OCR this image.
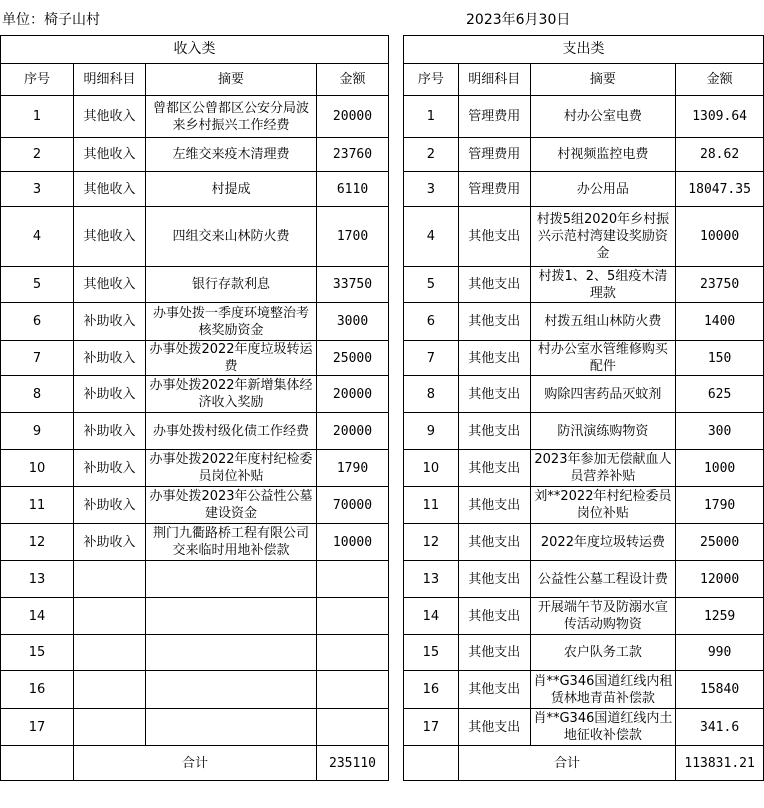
单位：椅子山村	2023年6月30日
收入类			
序号	明细科目	摘要	金额
1	其他收入	曾都区公曾都区公安分局波来乡村振兴工作经费	20000
2	其他收入	左维交来疫木清理费	23760
3	其他收入	村提成	6110
4	其他收入	四组交来山林防火费	1700
5	其他收入	银行存款利息	33750
6	补助收入	办事处拨一季度环境整治考核奖励资金	3000
7	补助收入	办事处拨2022年度垃圾转运费	25000
8	补助收入	办事处拨2022年新增集体经济收入奖励	20000
9	补助收入	办事处拨村级化债工作经费	20000
10	补助收入	办事处拨2022年度村纪检委员岗位补贴	1790
11	补助收入	办事处拨2023年公益性公墓建设资金	70000
12	补助收入	荆门九衢路桥工程有限公司交来临时用地补偿款	10000
13			
14			
15			
16			
17			
	合计		235110
支出类			
序号	明细科目	摘要	金额
1	管理费用	村办公室电费	1309.64
2	管理费用	村视频监控电费	28.62
3	管理费用	办公用品	18047.35
4	其他支出	村拨5组2020年乡村振兴示范村湾建设奖励资金	10000
5	其他支出	村拨1、2、5组疫木清理款	23750
6	其他支出	村拨五组山林防火费	1400
7	其他支出	村办公室水管维修购买配件	150
8	其他支出	购除四害药品灭蚊剂	625
9	其他支出	防汛演练购物资	300
10	其他支出	2023年参加无偿献血人员营养补贴	1000
11	其他支出	刘**2022年村纪检委员岗位补贴	1790
12	其他支出	2022年度垃圾转运费	25000
13	其他支出	公益性公墓工程设计费	12000
14	其他支出	开展端午节及防溺水宣传活动购物资	1259
15	其他支出	农户队务工款	990
16	其他支出	肖**G346国道红线内租赁林地青苗补偿款	15840
17	其他支出	肖**G346国道红线内土地征收补偿款	341.6
	合计		113831.21
